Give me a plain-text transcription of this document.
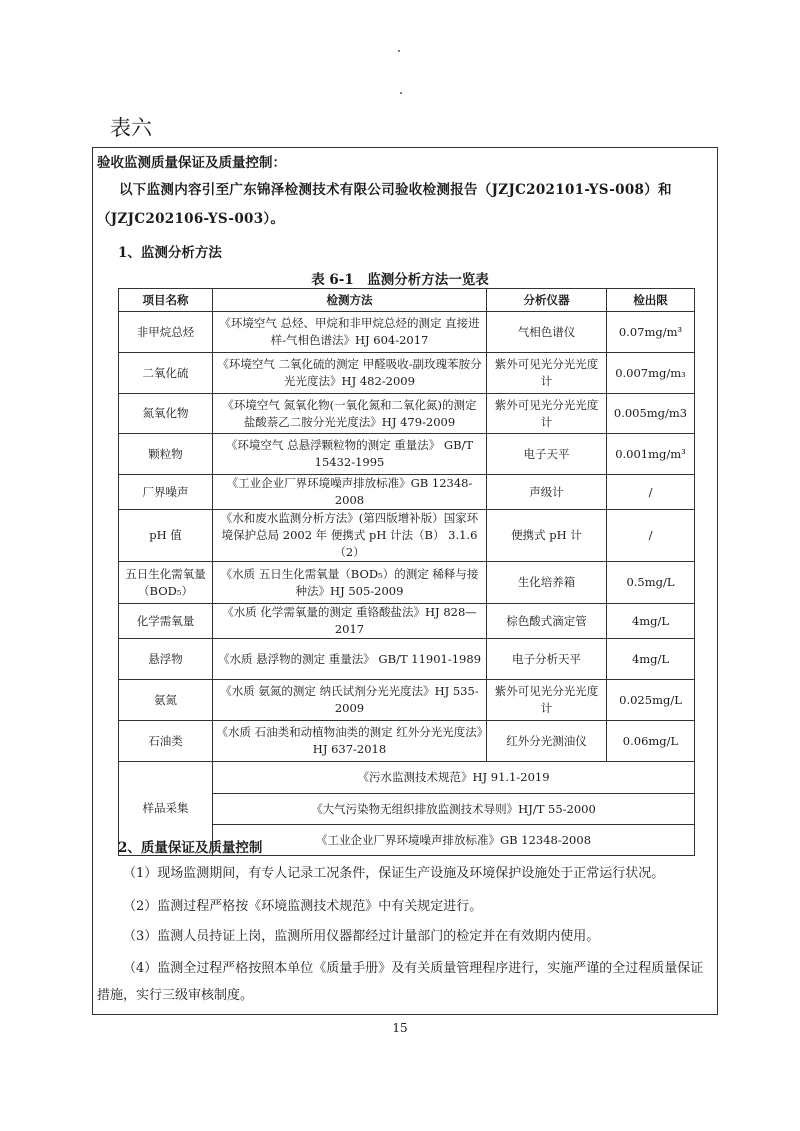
表六
验收监测质量保证及质量控制：
以下监测内容引至广东锦泽检测技术有限公司验收检测报告（JZJC202101-YS-008）和（JZJC202106-YS-003）。
1、监测分析方法
表 6-1　监测分析方法一览表
项目名称	检测方法	分析仪器	检出限
非甲烷总烃	《环境空气 总烃、甲烷和非甲烷总烃的测定 直接进样-气相色谱法》HJ 604-2017	气相色谱仪	0.07mg/m³
二氧化硫	《环境空气 二氧化硫的测定 甲醛吸收-副玫瑰苯胺分光光度法》HJ 482-2009	紫外可见光分光光度计	0.007mg/m₃
氮氧化物	《环境空气 氮氧化物(一氧化氮和二氧化氮)的测定 盐酸萘乙二胺分光光度法》HJ 479-2009	紫外可见光分光光度计	0.005mg/m3
颗粒物	《环境空气 总悬浮颗粒物的测定 重量法》 GB/T 15432-1995	电子天平	0.001mg/m³
厂界噪声	《工业企业厂界环境噪声排放标准》GB 12348-2008	声级计	/
pH 值	《水和废水监测分析方法》(第四版增补版）国家环境保护总局 2002 年 便携式 pH 计法（B） 3.1.6（2）	便携式 pH 计	/
五日生化需氧量（BOD₅）	《水质 五日生化需氧量（BOD₅）的测定 稀释与接种法》HJ 505-2009	生化培养箱	0.5mg/L
化学需氧量	《水质 化学需氧量的测定 重铬酸盐法》HJ 828—2017	棕色酸式滴定管	4mg/L
悬浮物	《水质 悬浮物的测定 重量法》 GB/T 11901-1989	电子分析天平	4mg/L
氨氮	《水质 氨氮的测定 纳氏试剂分光光度法》HJ 535-2009	紫外可见光分光光度计	0.025mg/L
石油类	《水质 石油类和动植物油类的测定 红外分光光度法》HJ 637-2018	红外分光测油仪	0.06mg/L
样品采集	《污水监测技术规范》HJ 91.1-2019		
	《大气污染物无组织排放监测技术导则》HJ/T 55-2000		
	《工业企业厂界环境噪声排放标准》GB 12348-2008		
2、质量保证及质量控制
（1）现场监测期间，有专人记录工况条件，保证生产设施及环境保护设施处于正常运行状况。
（2）监测过程严格按《环境监测技术规范》中有关规定进行。
（3）监测人员持证上岗，监测所用仪器都经过计量部门的检定并在有效期内使用。
（4）监测全过程严格按照本单位《质量手册》及有关质量管理程序进行，实施严谨的全过程质量保证措施，实行三级审核制度。
15
